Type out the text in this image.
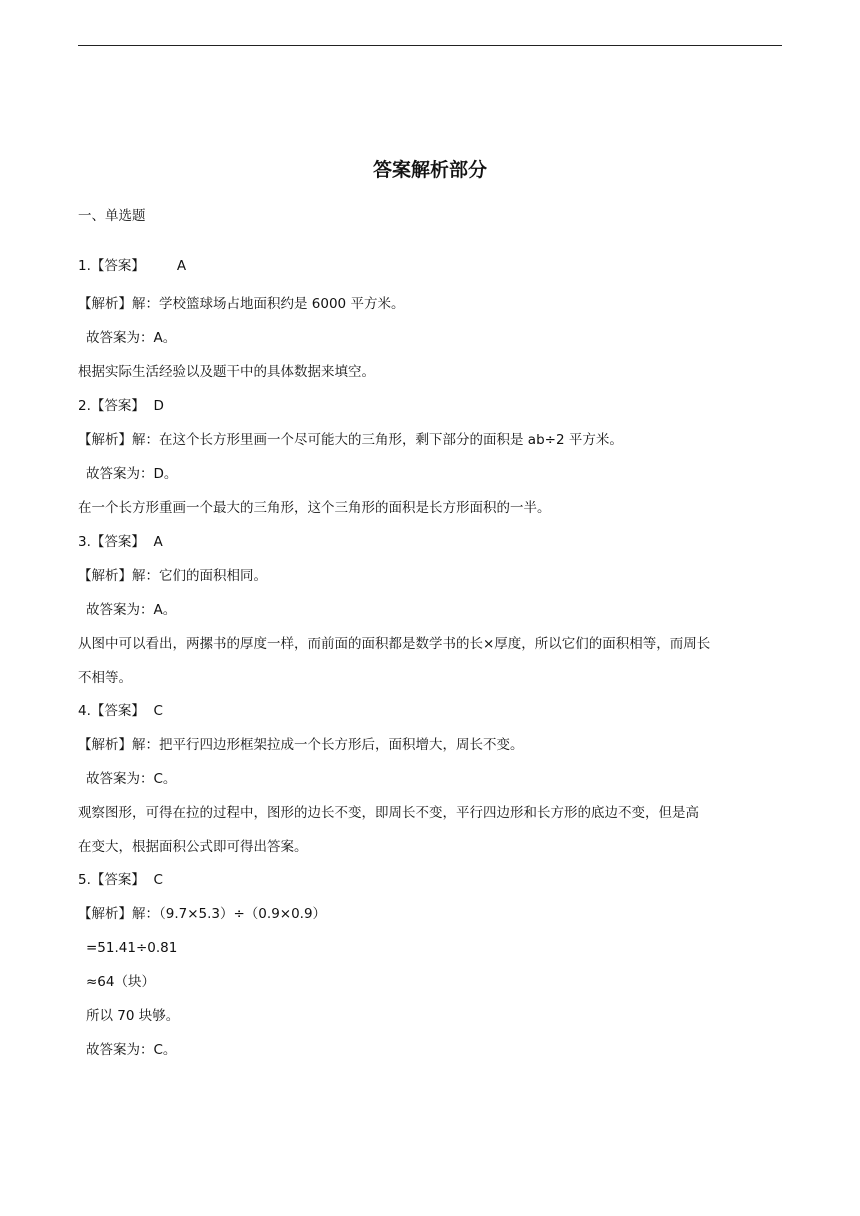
答案解析部分
一、单选题
1.【答案】 A
【解析】解：学校篮球场占地面积约是 6000 平方米。
故答案为：A。
根据实际生活经验以及题干中的具体数据来填空。
2.【答案】 D
【解析】解：在这个长方形里画一个尽可能大的三角形，剩下部分的面积是 ab÷2 平方米。
故答案为：D。
在一个长方形重画一个最大的三角形，这个三角形的面积是长方形面积的一半。
3.【答案】 A
【解析】解：它们的面积相同。
故答案为：A。
从图中可以看出，两摞书的厚度一样，而前面的面积都是数学书的长×厚度，所以它们的面积相等，而周长
不相等。
4.【答案】 C
【解析】解：把平行四边形框架拉成一个长方形后，面积增大，周长不变。
故答案为：C。
观察图形，可得在拉的过程中，图形的边长不变，即周长不变，平行四边形和长方形的底边不变，但是高
在变大，根据面积公式即可得出答案。
5.【答案】 C
【解析】解：（9.7×5.3）÷（0.9×0.9）
=51.41÷0.81
≈64（块）
所以 70 块够。
故答案为：C。
